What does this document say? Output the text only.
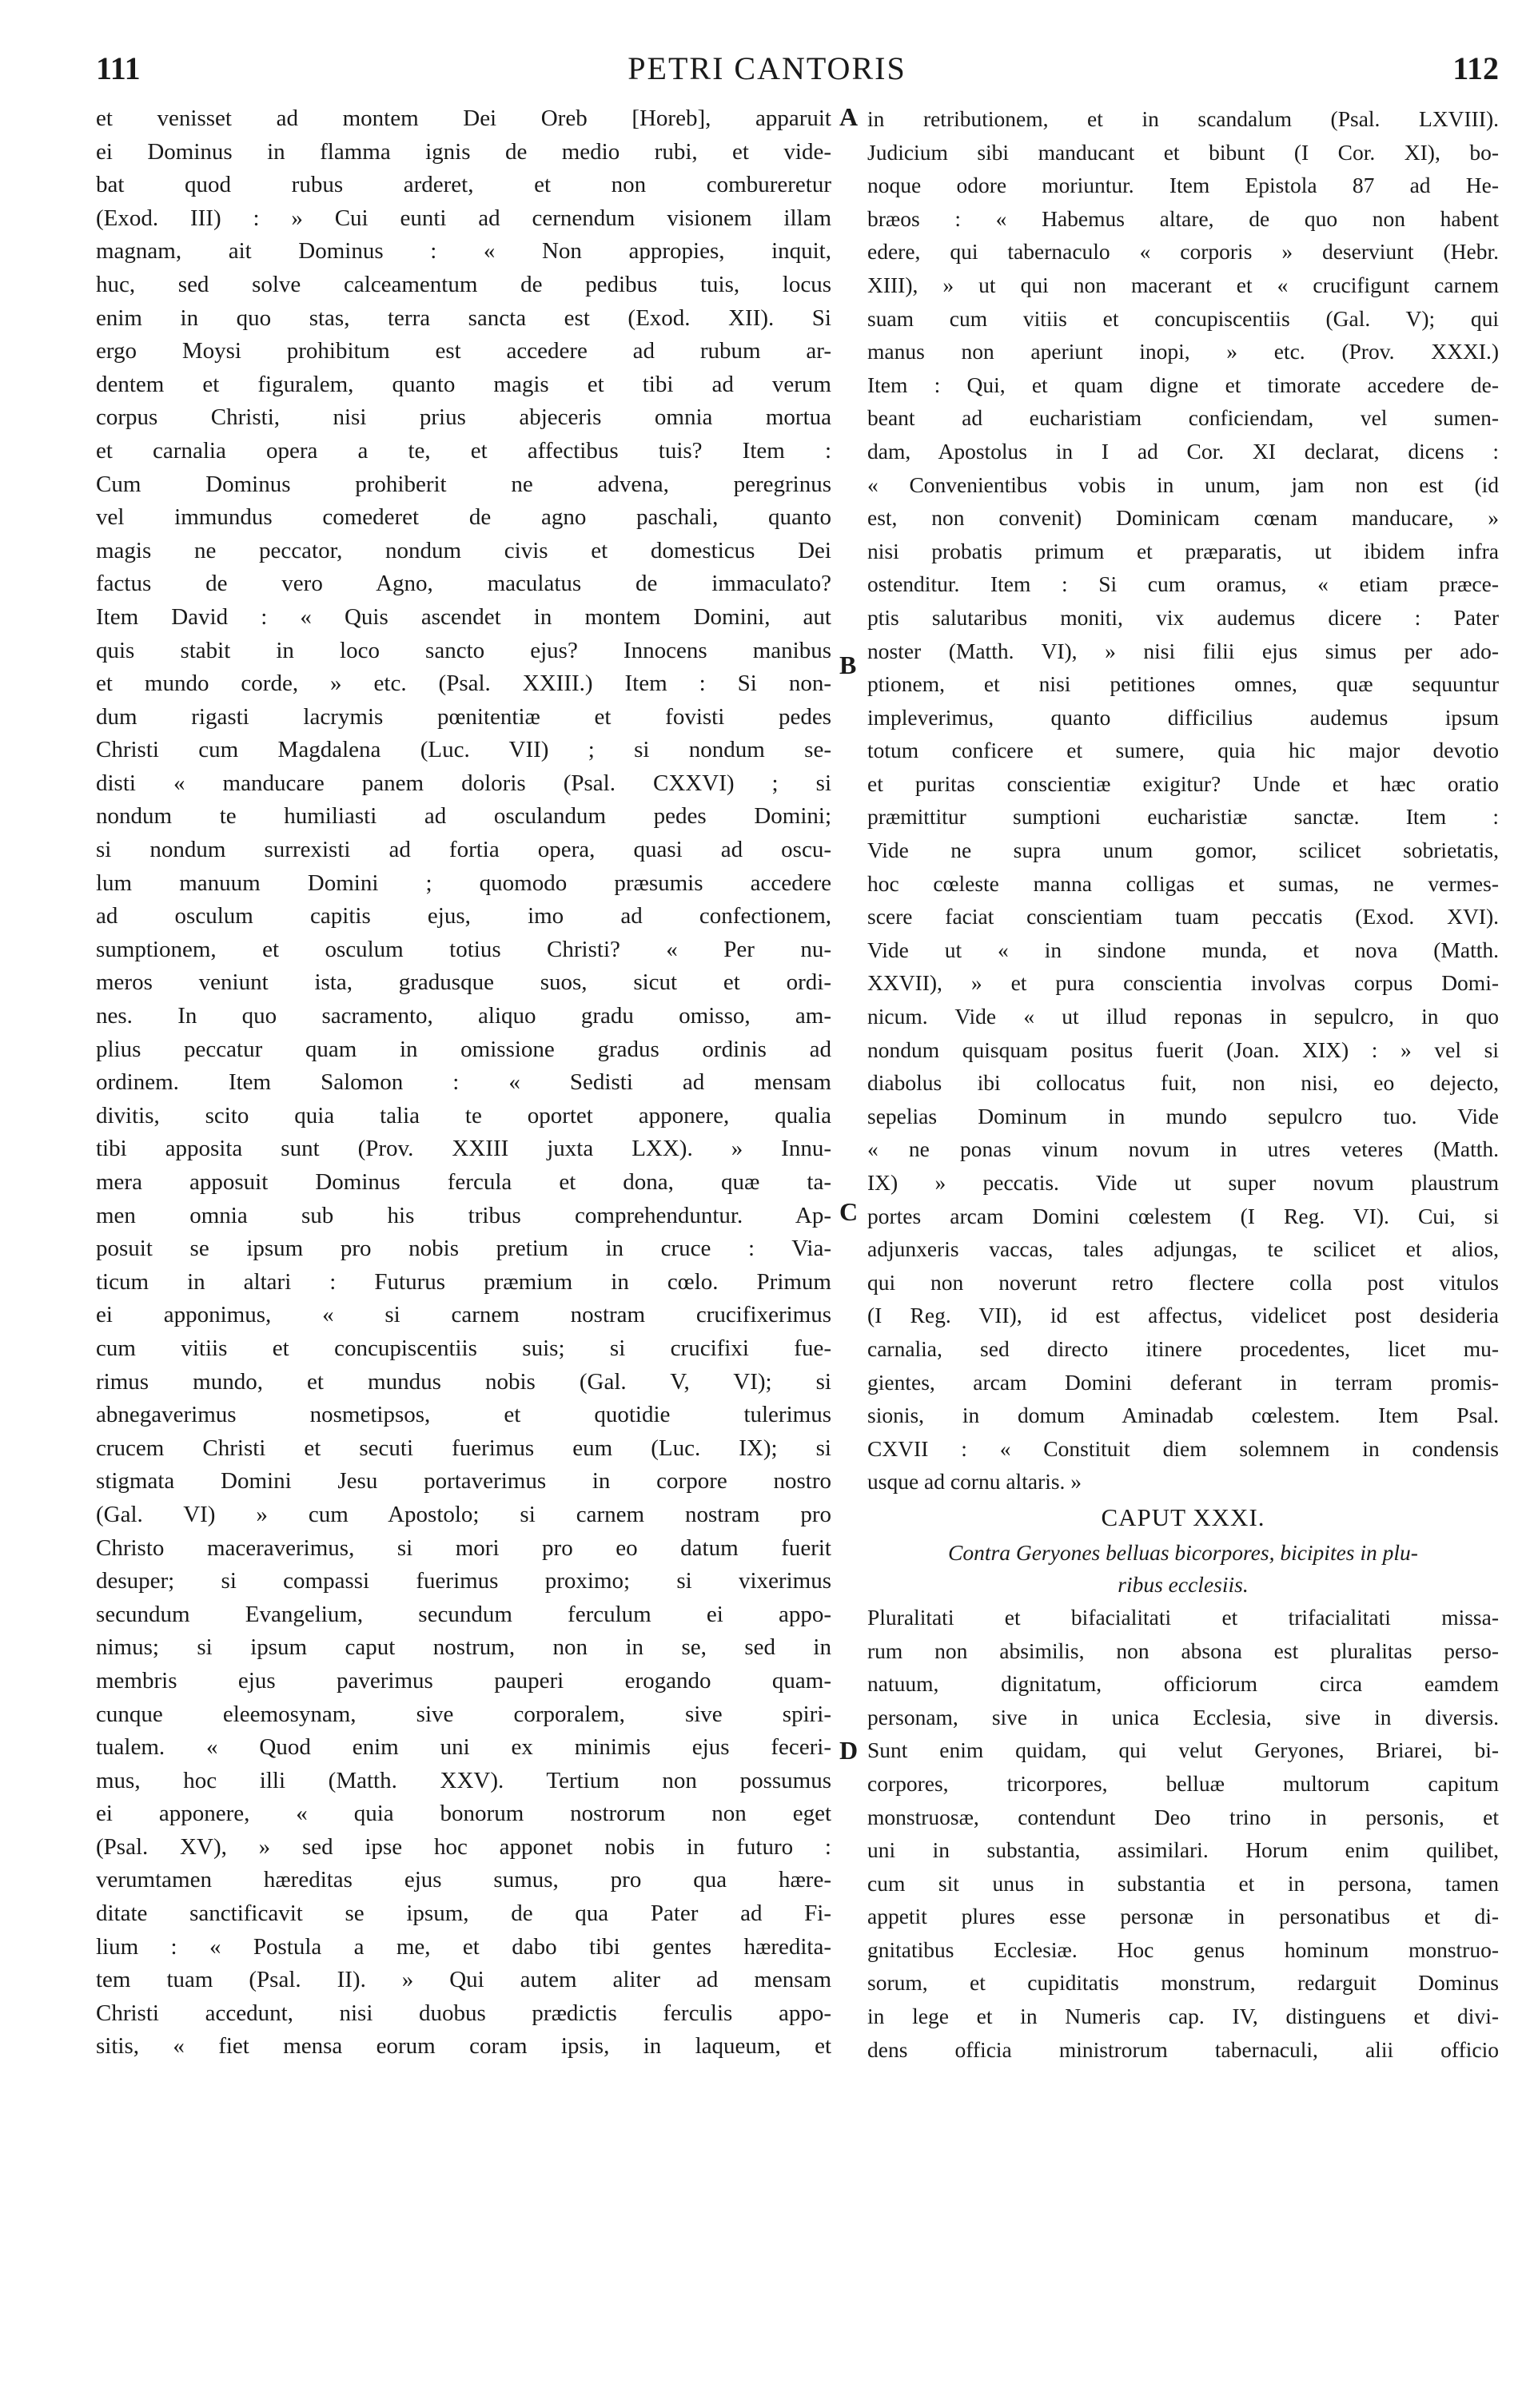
111	PETRI CANTORIS	112
A
B
C
D
et venisset ad montem Dei Oreb [Horeb], apparuit
ei Dominus in flamma ignis de medio rubi, et vide-
bat quod rubus arderet, et non combureretur
(Exod. III) : » Cui eunti ad cernendum visionem illam
magnam, ait Dominus : « Non appropies, inquit,
huc, sed solve calceamentum de pedibus tuis, locus
enim in quo stas, terra sancta est (Exod. XII). Si
ergo Moysi prohibitum est accedere ad rubum ar-
dentem et figuralem, quanto magis et tibi ad verum
corpus Christi, nisi prius abjeceris omnia mortua
et carnalia opera a te, et affectibus tuis? Item :
Cum Dominus prohiberit ne advena, peregrinus
vel immundus comederet de agno paschali, quanto
magis ne peccator, nondum civis et domesticus Dei
factus de vero Agno, maculatus de immaculato?
Item David : « Quis ascendet in montem Domini, aut
quis stabit in loco sancto ejus? Innocens manibus
et mundo corde, » etc. (Psal. XXIII.) Item : Si non-
dum rigasti lacrymis pœnitentiæ et fovisti pedes
Christi cum Magdalena (Luc. VII) ; si nondum se-
disti « manducare panem doloris (Psal. CXXVI) ; si
nondum te humiliasti ad osculandum pedes Domini;
si nondum surrexisti ad fortia opera, quasi ad oscu-
lum manuum Domini ; quomodo præsumis accedere
ad osculum capitis ejus, imo ad confectionem,
sumptionem, et osculum totius Christi? « Per nu-
meros veniunt ista, gradusque suos, sicut et ordi-
nes. In quo sacramento, aliquo gradu omisso, am-
plius peccatur quam in omissione gradus ordinis ad
ordinem. Item Salomon : « Sedisti ad mensam
divitis, scito quia talia te oportet apponere, qualia
tibi apposita sunt (Prov. XXIII juxta LXX). » Innu-
mera apposuit Dominus fercula et dona, quæ ta-
men omnia sub his tribus comprehenduntur. Ap-
posuit se ipsum pro nobis pretium in cruce : Via-
ticum in altari : Futurus præmium in cœlo. Primum
ei apponimus, « si carnem nostram crucifixerimus
cum vitiis et concupiscentiis suis; si crucifixi fue-
rimus mundo, et mundus nobis (Gal. V, VI); si
abnegaverimus nosmetipsos, et quotidie tulerimus
crucem Christi et secuti fuerimus eum (Luc. IX); si
stigmata Domini Jesu portaverimus in corpore nostro
(Gal. VI) » cum Apostolo; si carnem nostram pro
Christo maceraverimus, si mori pro eo datum fuerit
desuper; si compassi fuerimus proximo; si vixerimus
secundum Evangelium, secundum ferculum ei appo-
nimus; si ipsum caput nostrum, non in se, sed in
membris ejus paverimus pauperi erogando quam-
cunque eleemosynam, sive corporalem, sive spiri-
tualem. « Quod enim uni ex minimis ejus feceri-
mus, hoc illi (Matth. XXV). Tertium non possumus
ei apponere, « quia bonorum nostrorum non eget
(Psal. XV), » sed ipse hoc apponet nobis in futuro :
verumtamen hæreditas ejus sumus, pro qua hære-
ditate sanctificavit se ipsum, de qua Pater ad Fi-
lium : « Postula a me, et dabo tibi gentes hæredita-
tem tuam (Psal. II). » Qui autem aliter ad mensam
Christi accedunt, nisi duobus prædictis ferculis appo-
sitis, « fiet mensa eorum coram ipsis, in laqueum, et
in retributionem, et in scandalum (Psal. LXVIII).
Judicium sibi manducant et bibunt (I Cor. XI), bo-
noque odore moriuntur. Item Epistola 87 ad He-
bræos : « Habemus altare, de quo non habent
edere, qui tabernaculo « corporis » deserviunt (Hebr.
XIII), » ut qui non macerant et « crucifigunt carnem
suam cum vitiis et concupiscentiis (Gal. V); qui
manus non aperiunt inopi, » etc. (Prov. XXXI.)
Item : Qui, et quam digne et timorate accedere de-
beant ad eucharistiam conficiendam, vel sumen-
dam, Apostolus in I ad Cor. XI declarat, dicens :
« Convenientibus vobis in unum, jam non est (id
est, non convenit) Dominicam cœnam manducare, »
nisi probatis primum et præparatis, ut ibidem infra
ostenditur. Item : Si cum oramus, « etiam præce-
ptis salutaribus moniti, vix audemus dicere : Pater
noster (Matth. VI), » nisi filii ejus simus per ado-
ptionem, et nisi petitiones omnes, quæ sequuntur
impleverimus, quanto difficilius audemus ipsum
totum conficere et sumere, quia hic major devotio
et puritas conscientiæ exigitur? Unde et hæc oratio
præmittitur sumptioni eucharistiæ sanctæ. Item :
Vide ne supra unum gomor, scilicet sobrietatis,
hoc cœleste manna colligas et sumas, ne vermes-
scere faciat conscientiam tuam peccatis (Exod. XVI).
Vide ut « in sindone munda, et nova (Matth.
XXVII), » et pura conscientia involvas corpus Domi-
nicum. Vide « ut illud reponas in sepulcro, in quo
nondum quisquam positus fuerit (Joan. XIX) : » vel si
diabolus ibi collocatus fuit, non nisi, eo dejecto,
sepelias Dominum in mundo sepulcro tuo. Vide
« ne ponas vinum novum in utres veteres (Matth.
IX) » peccatis. Vide ut super novum plaustrum
portes arcam Domini cœlestem (I Reg. VI). Cui, si
adjunxeris vaccas, tales adjungas, te scilicet et alios,
qui non noverunt retro flectere colla post vitulos
(I Reg. VII), id est affectus, videlicet post desideria
carnalia, sed directo itinere procedentes, licet mu-
gientes, arcam Domini deferant in terram promis-
sionis, in domum Aminadab cœlestem. Item Psal.
CXVII : « Constituit diem solemnem in condensis
usque ad cornu altaris. »
CAPUT XXXI.
Contra Geryones belluas bicorpores, bicipites in plu-
ribus ecclesiis.
Pluralitati et bifacialitati et trifacialitati missa-
rum non absimilis, non absona est pluralitas perso-
natuum, dignitatum, officiorum circa eamdem
personam, sive in unica Ecclesia, sive in diversis.
Sunt enim quidam, qui velut Geryones, Briarei, bi-
corpores, tricorpores, belluæ multorum capitum
monstruosæ, contendunt Deo trino in personis, et
uni in substantia, assimilari. Horum enim quilibet,
cum sit unus in substantia et in persona, tamen
appetit plures esse personæ in personatibus et di-
gnitatibus Ecclesiæ. Hoc genus hominum monstruo-
sorum, et cupiditatis monstrum, redarguit Dominus
in lege et in Numeris cap. IV, distinguens et divi-
dens officia ministrorum tabernaculi, alii officio
